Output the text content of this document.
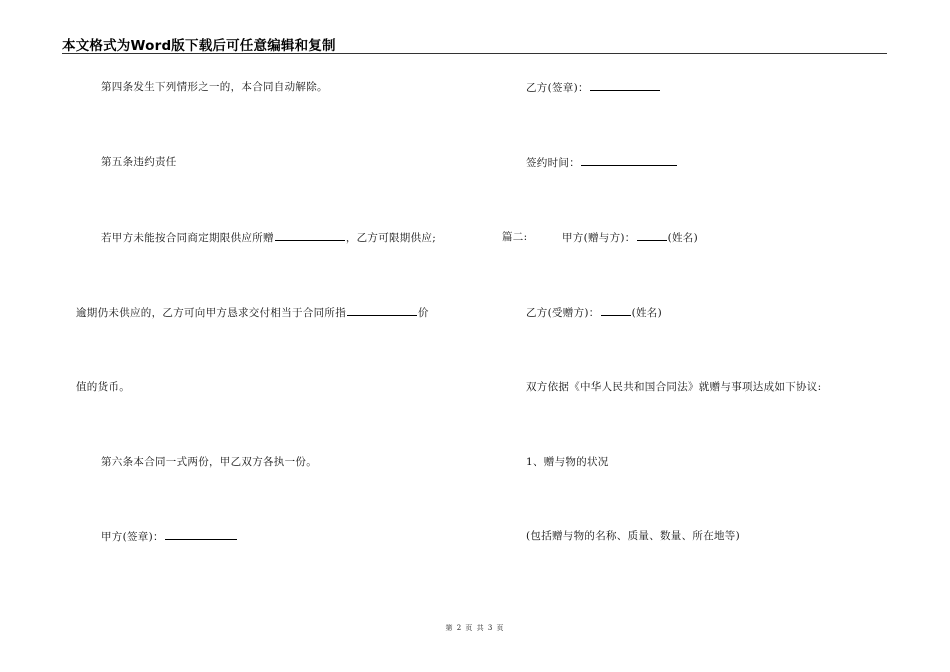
本文格式为Word版下载后可任意编辑和复制
第四条发生下列情形之一的，本合同自动解除。
第五条违约责任
若甲方未能按合同商定期限供应所赠	，乙方可限期供应;
逾期仍未供应的，乙方可向甲方恳求交付相当于合同所指	价
值的货币。
第六条本合同一式两份，甲乙双方各执一份。
甲方(签章)：
乙方(签章)：
签约时间：
篇二:	甲方(赠与方)：	(姓名)
乙方(受赠方)：	(姓名)
双方依据《中华人民共和国合同法》就赠与事项达成如下协议:
1、赠与物的状况
(包括赠与物的名称、质量、数量、所在地等)
第 2 页 共 3 页
